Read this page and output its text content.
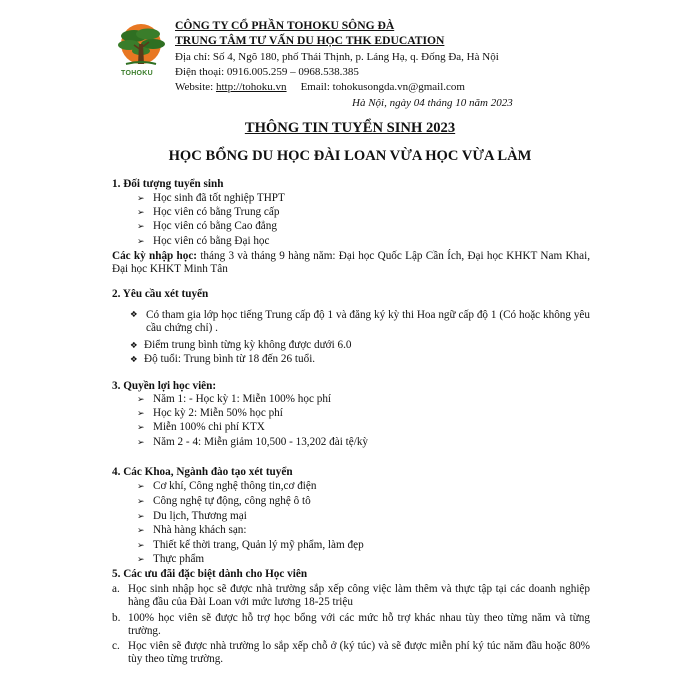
TOHOKU
CÔNG TY CỔ PHẦN TOHOKU SÔNG ĐÀ
TRUNG TÂM TƯ VẤN DU HỌC THK EDUCATION
Địa chỉ: Số 4, Ngõ 180, phố Thái Thịnh, p. Láng Hạ, q. Đống Đa, Hà Nội
Điện thoại: 0916.005.259 – 0968.538.385
Website: http://tohoku.vn Email: tohokusongda.vn@gmail.com
Hà Nội, ngày 04 tháng 10 năm 2023
THÔNG TIN TUYỂN SINH 2023
HỌC BỔNG DU HỌC ĐÀI LOAN VỪA HỌC VỪA LÀM
1. Đối tượng tuyển sinh
➢ Học sinh đã tốt nghiệp THPT
➢ Học viên có bằng Trung cấp
➢ Học viên có bằng Cao đẳng
➢ Học viên có bằng Đại học
Các kỳ nhập học: tháng 3 và tháng 9 hàng năm: Đại học Quốc Lập Cần Ích, Đại học KHKT Nam Khai, Đại học KHKT Minh Tân
2. Yêu cầu xét tuyển
❖ Có tham gia lớp học tiếng Trung cấp độ 1 và đăng ký kỳ thi Hoa ngữ cấp độ 1 (Có hoặc không yêu cầu chứng chỉ) .
❖ Điểm trung bình từng kỳ không được dưới 6.0
❖ Độ tuổi: Trung bình từ 18 đến 26 tuổi.
3. Quyền lợi học viên:
➢ Năm 1: - Học kỳ 1: Miễn 100% học phí
➢ Học kỳ 2: Miễn 50% học phí
➢ Miễn 100% chi phí KTX
➢ Năm 2 - 4: Miễn giảm 10,500 - 13,202 đài tệ/kỳ
4. Các Khoa, Ngành đào tạo xét tuyển
➢ Cơ khí, Công nghệ thông tin,cơ điện
➢ Công nghệ tự động, công nghệ ô tô
➢ Du lịch, Thương mại
➢ Nhà hàng khách sạn:
➢ Thiết kế thời trang, Quản lý mỹ phẩm, làm đẹp
➢ Thực phẩm
5. Các ưu đãi đặc biệt dành cho Học viên
a. Học sinh nhập học sẽ được nhà trường sắp xếp công việc làm thêm và thực tập tại các doanh nghiệp hàng đầu của Đài Loan với mức lương 18-25 triệu
b. 100% học viên sẽ được hỗ trợ học bổng với các mức hỗ trợ khác nhau tùy theo từng năm và từng trường.
c. Học viên sẽ được nhà trường lo sắp xếp chỗ ở (ký túc) và sẽ được miễn phí ký túc năm đầu hoặc 80% tùy theo từng trường.
